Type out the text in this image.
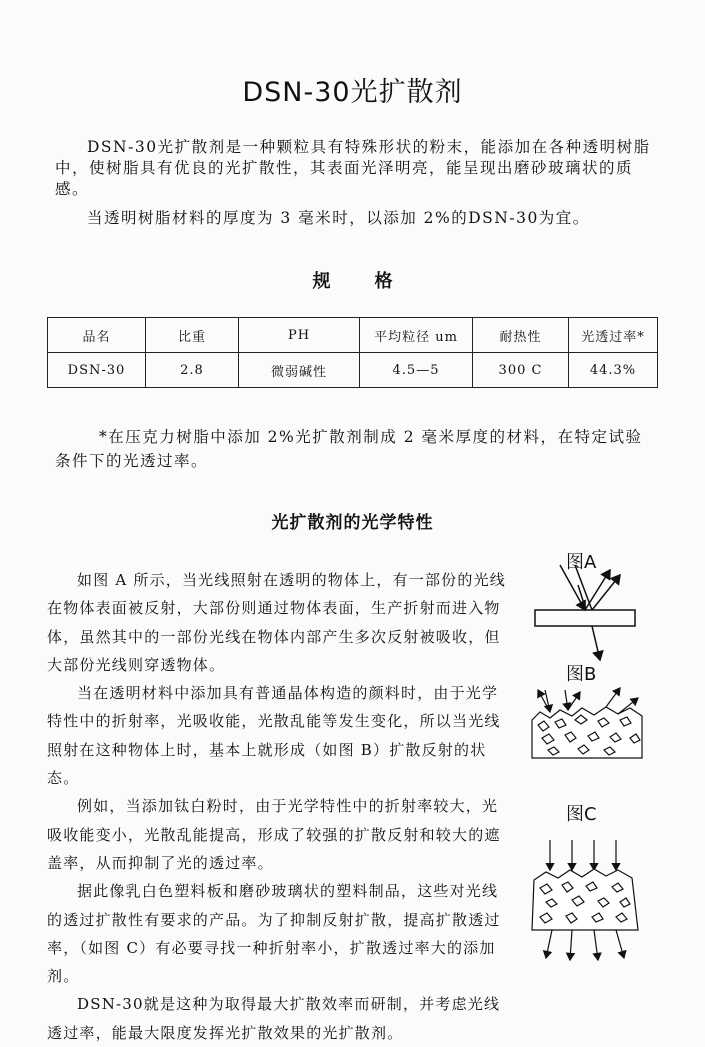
DSN-30光扩散剂
DSN-30光扩散剂是一种颗粒具有特殊形状的粉末，能添加在各种透明树脂中，使树脂具有优良的光扩散性，其表面光泽明亮，能呈现出磨砂玻璃状的质感。
当透明树脂材料的厚度为 3 毫米时，以添加 2%的DSN-30为宜。
规格
品名	比重	PH	平均粒径 um	耐热性	光透过率*
DSN-30	2.8	微弱碱性	4.5—5	300 C	44.3%
*在压克力树脂中添加 2%光扩散剂制成 2 毫米厚度的材料，在特定试验条件下的光透过率。
光扩散剂的光学特性

如图 A 所示，当光线照射在透明的物体上，有一部份的光线在物体表面被反射，大部份则通过物体表面，生产折射而进入物体，虽然其中的一部份光线在物体内部产生多次反射被吸收，但大部份光线则穿透物体。

当在透明材料中添加具有普通晶体构造的颜料时，由于光学特性中的折射率，光吸收能，光散乱能等发生变化，所以当光线照射在这种物体上时，基本上就形成（如图 B）扩散反射的状态。

例如，当添加钛白粉时，由于光学特性中的折射率较大，光吸收能变小，光散乱能提高，形成了较强的扩散反射和较大的遮盖率，从而抑制了光的透过率。

据此像乳白色塑料板和磨砂玻璃状的塑料制品，这些对光线的透过扩散性有要求的产品。为了抑制反射扩散，提高扩散透过率，（如图 C）有必要寻找一种折射率小，扩散透过率大的添加剂。

DSN-30就是这种为取得最大扩散效率而研制，并考虑光线透过率，能最大限度发挥光扩散效果的光扩散剂。

图A
图B
图C
